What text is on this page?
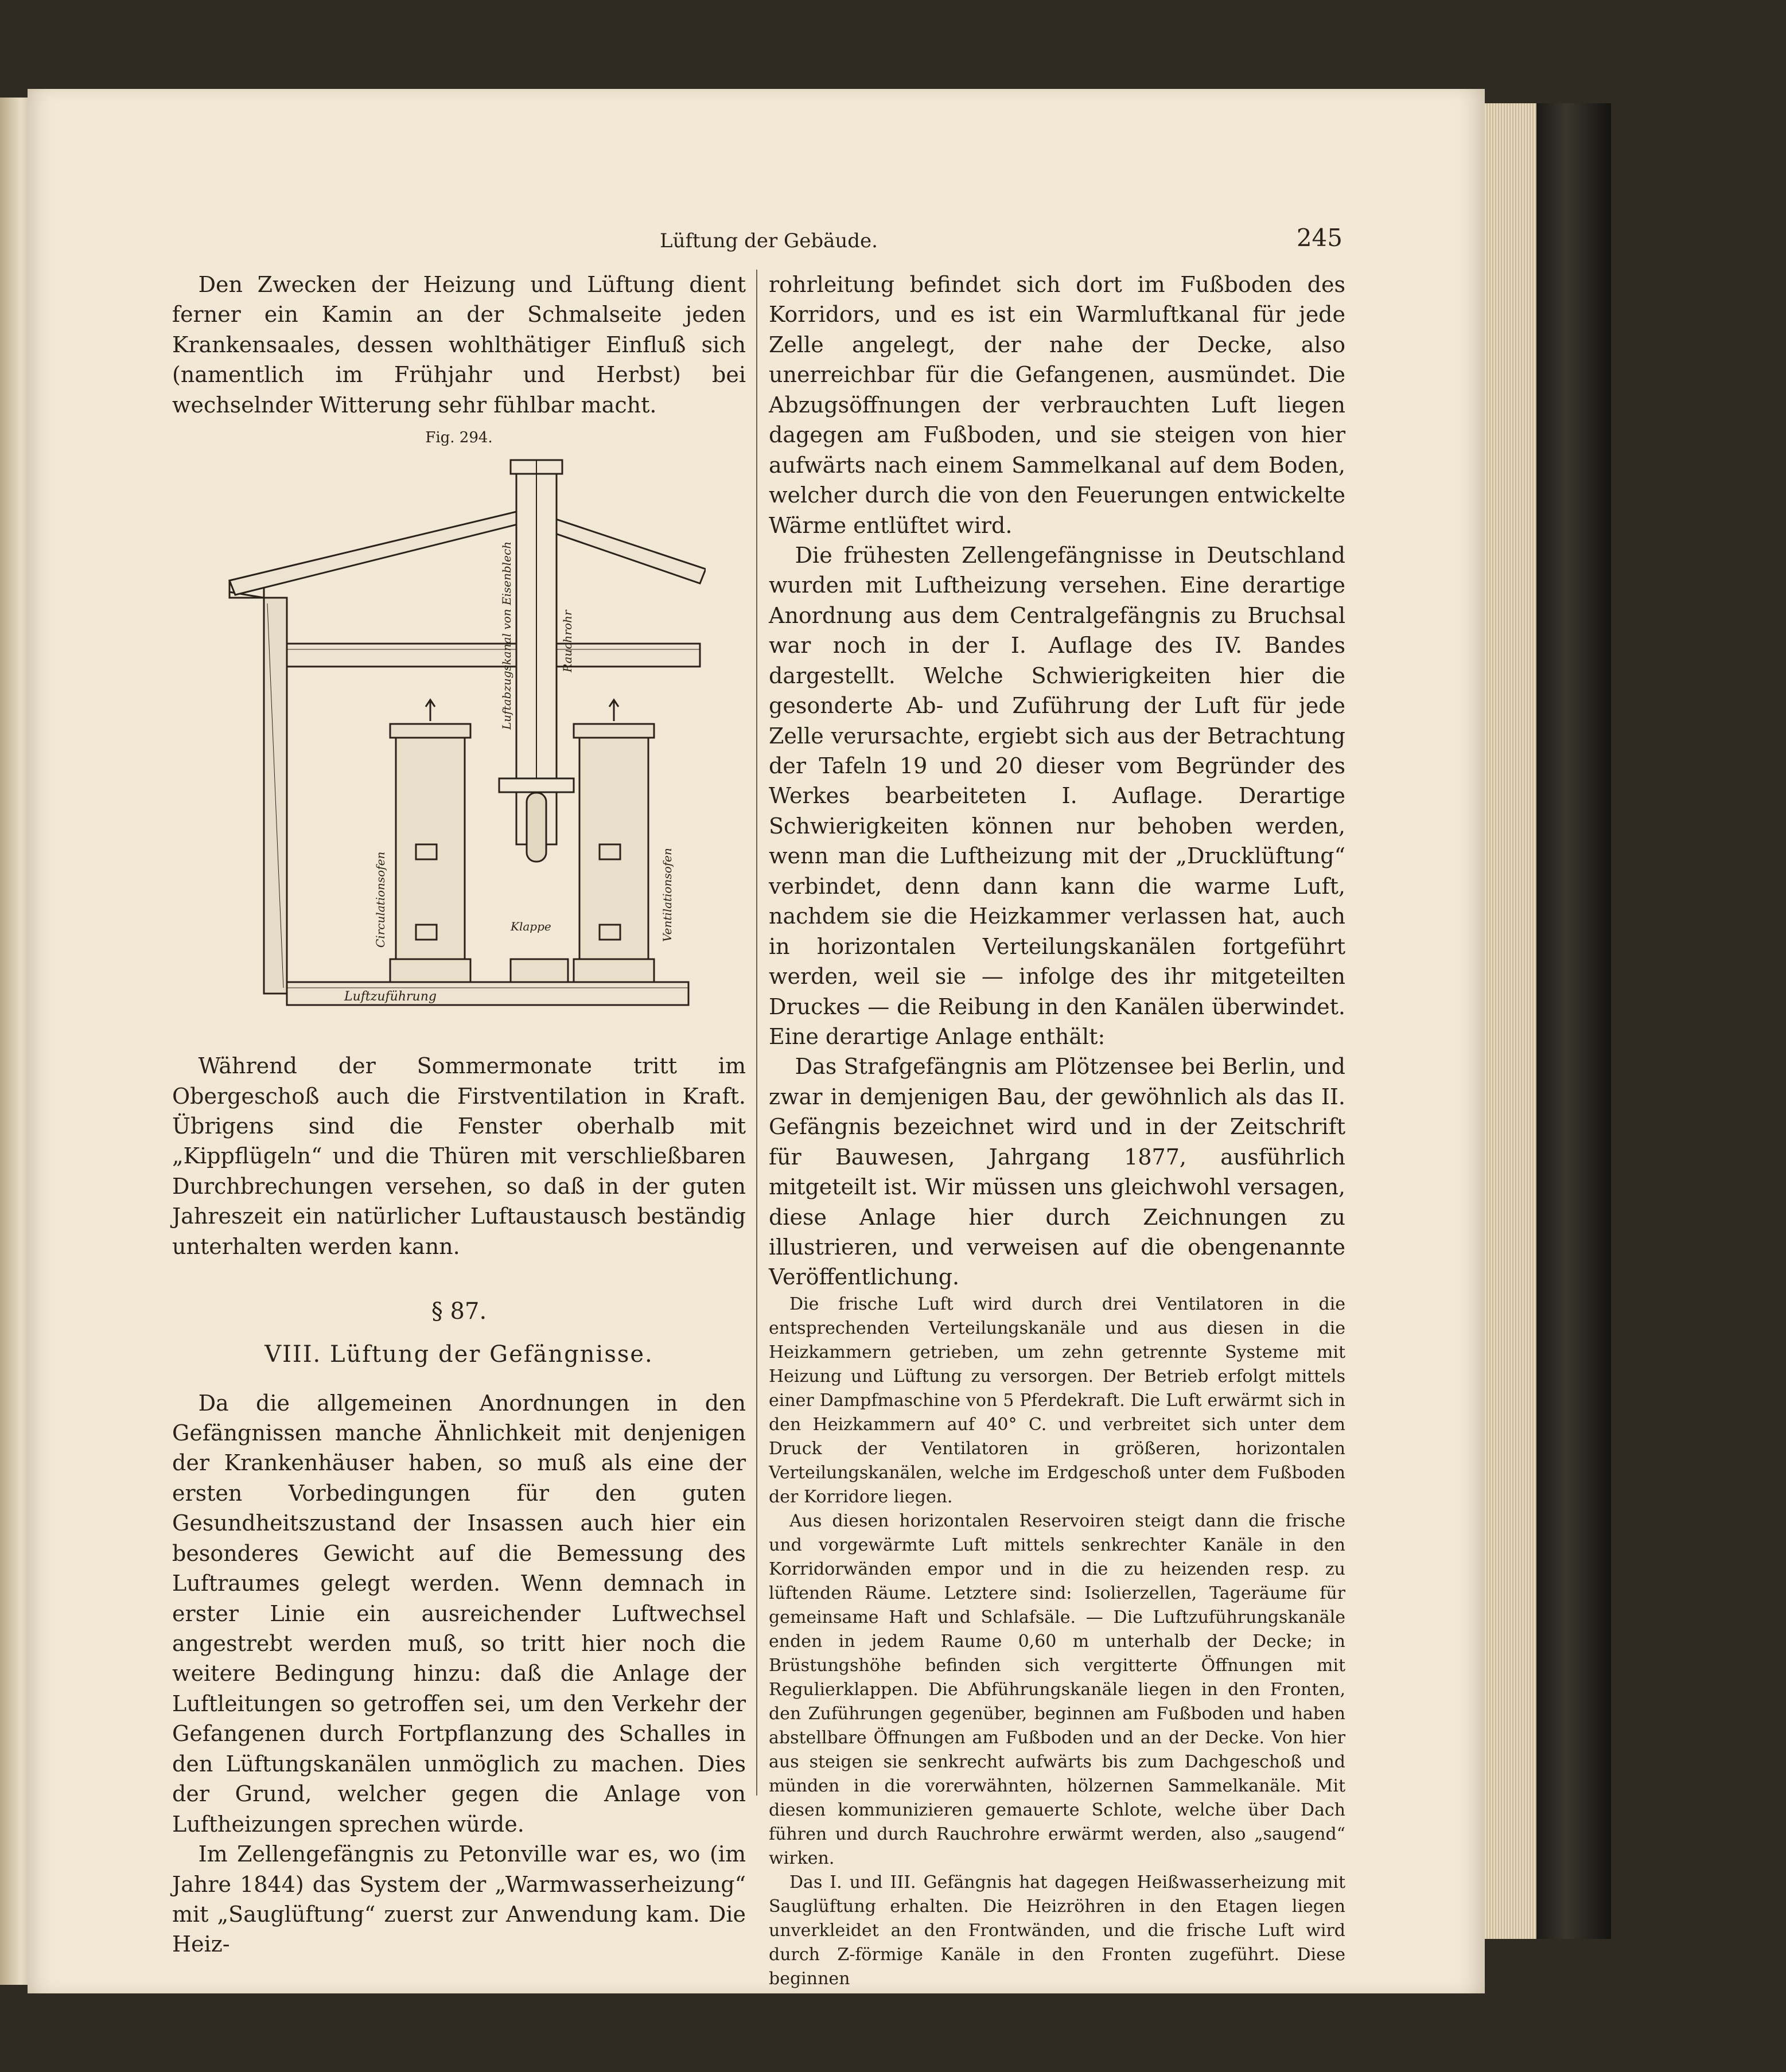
Lüftung der Gebäude.	245

Den Zwecken der Heizung und Lüftung dient ferner ein Kamin an der Schmalseite jeden Krankensaales, dessen wohlthätiger Einfluß sich (namentlich im Frühjahr und Herbst) bei wechselnder Witterung sehr fühlbar macht.

Fig. 294.
Luftabzugskanal von Eisenblech	Rauchrohr
Circulationsofen	Ventilationsofen
Klappe
Luftzuführung

Während der Sommermonate tritt im Obergeschoß auch die Firstventilation in Kraft. Übrigens sind die Fenster oberhalb mit „Kippflügeln“ und die Thüren mit verschließbaren Durchbrechungen versehen, so daß in der guten Jahreszeit ein natürlicher Luftaustausch beständig unterhalten werden kann.

§ 87.
VIII. Lüftung der Gefängnisse.

Da die allgemeinen Anordnungen in den Gefängnissen manche Ähnlichkeit mit denjenigen der Krankenhäuser haben, so muß als eine der ersten Vorbedingungen für den guten Gesundheitszustand der Insassen auch hier ein besonderes Gewicht auf die Bemessung des Luftraumes gelegt werden. Wenn demnach in erster Linie ein ausreichender Luftwechsel angestrebt werden muß, so tritt hier noch die weitere Bedingung hinzu: daß die Anlage der Luftleitungen so getroffen sei, um den Verkehr der Gefangenen durch Fortpflanzung des Schalles in den Lüftungskanälen unmöglich zu machen. Dies der Grund, welcher gegen die Anlage von Luftheizungen sprechen würde.

Im Zellengefängnis zu Petonville war es, wo (im Jahre 1844) das System der „Warmwasserheizung“ mit „Sauglüftung“ zuerst zur Anwendung kam. Die Heiz-

rohrleitung befindet sich dort im Fußboden des Korridors, und es ist ein Warmluftkanal für jede Zelle angelegt, der nahe der Decke, also unerreichbar für die Gefangenen, ausmündet. Die Abzugsöffnungen der verbrauchten Luft liegen dagegen am Fußboden, und sie steigen von hier aufwärts nach einem Sammelkanal auf dem Boden, welcher durch die von den Feuerungen entwickelte Wärme entlüftet wird.

Die frühesten Zellengefängnisse in Deutschland wurden mit Luftheizung versehen. Eine derartige Anordnung aus dem Centralgefängnis zu Bruchsal war noch in der I. Auflage des IV. Bandes dargestellt. Welche Schwierigkeiten hier die gesonderte Ab- und Zuführung der Luft für jede Zelle verursachte, ergiebt sich aus der Betrachtung der Tafeln 19 und 20 dieser vom Begründer des Werkes bearbeiteten I. Auflage. Derartige Schwierigkeiten können nur behoben werden, wenn man die Luftheizung mit der „Drucklüftung“ verbindet, denn dann kann die warme Luft, nachdem sie die Heizkammer verlassen hat, auch in horizontalen Verteilungskanälen fortgeführt werden, weil sie — infolge des ihr mitgeteilten Druckes — die Reibung in den Kanälen überwindet. Eine derartige Anlage enthält:

Das Strafgefängnis am Plötzensee bei Berlin, und zwar in demjenigen Bau, der gewöhnlich als das II. Gefängnis bezeichnet wird und in der Zeitschrift für Bauwesen, Jahrgang 1877, ausführlich mitgeteilt ist. Wir müssen uns gleichwohl versagen, diese Anlage hier durch Zeichnungen zu illustrieren, und verweisen auf die obengenannte Veröffentlichung.

Die frische Luft wird durch drei Ventilatoren in die entsprechenden Verteilungskanäle und aus diesen in die Heizkammern getrieben, um zehn getrennte Systeme mit Heizung und Lüftung zu versorgen. Der Betrieb erfolgt mittels einer Dampfmaschine von 5 Pferdekraft. Die Luft erwärmt sich in den Heizkammern auf 40° C. und verbreitet sich unter dem Druck der Ventilatoren in größeren, horizontalen Verteilungskanälen, welche im Erdgeschoß unter dem Fußboden der Korridore liegen.

Aus diesen horizontalen Reservoiren steigt dann die frische und vorgewärmte Luft mittels senkrechter Kanäle in den Korridorwänden empor und in die zu heizenden resp. zu lüftenden Räume. Letztere sind: Isolierzellen, Tageräume für gemeinsame Haft und Schlafsäle. — Die Luftzuführungskanäle enden in jedem Raume 0,60 m unterhalb der Decke; in Brüstungshöhe befinden sich vergitterte Öffnungen mit Regulierklappen. Die Abführungskanäle liegen in den Fronten, den Zuführungen gegenüber, beginnen am Fußboden und haben abstellbare Öffnungen am Fußboden und an der Decke. Von hier aus steigen sie senkrecht aufwärts bis zum Dachgeschoß und münden in die vorerwähnten, hölzernen Sammelkanäle. Mit diesen kommunizieren gemauerte Schlote, welche über Dach führen und durch Rauchrohre erwärmt werden, also „saugend“ wirken.

Das I. und III. Gefängnis hat dagegen Heißwasserheizung mit Sauglüftung erhalten. Die Heizröhren in den Etagen liegen unverkleidet an den Frontwänden, und die frische Luft wird durch Z-förmige Kanäle in den Fronten zugeführt. Diese beginnen
